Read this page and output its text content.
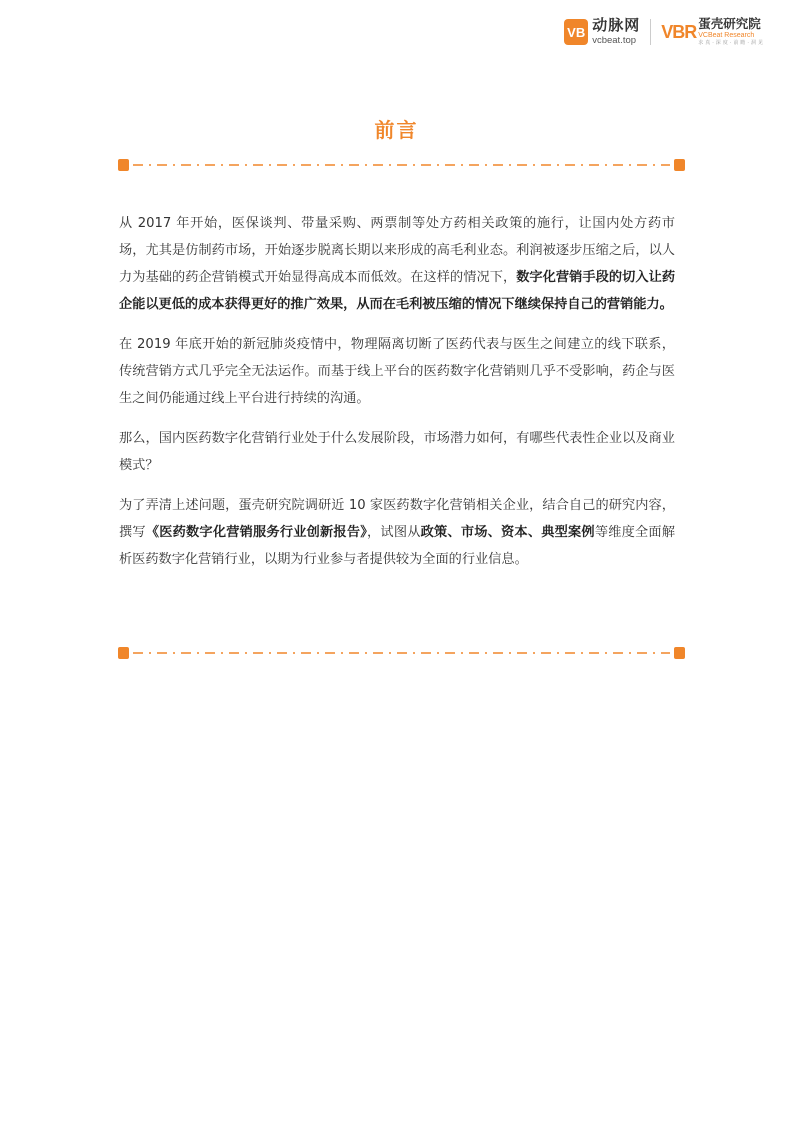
VB 动脉网
vcbeat.top VBR 蛋壳研究院
VCBeat Research
求真·深度·前瞻·洞见
前言

从 2017 年开始，医保谈判、带量采购、两票制等处方药相关政策的施行，让国内处方药市场，尤其是仿制药市场，开始逐步脱离长期以来形成的高毛利业态。利润被逐步压缩之后，以人力为基础的药企营销模式开始显得高成本而低效。在这样的情况下，数字化营销手段的切入让药企能以更低的成本获得更好的推广效果，从而在毛利被压缩的情况下继续保持自己的营销能力。

在 2019 年底开始的新冠肺炎疫情中，物理隔离切断了医药代表与医生之间建立的线下联系，传统营销方式几乎完全无法运作。而基于线上平台的医药数字化营销则几乎不受影响，药企与医生之间仍能通过线上平台进行持续的沟通。

那么，国内医药数字化营销行业处于什么发展阶段，市场潜力如何，有哪些代表性企业以及商业模式？

为了弄清上述问题，蛋壳研究院调研近 10 家医药数字化营销相关企业，结合自己的研究内容，撰写《医药数字化营销服务行业创新报告》，试图从政策、市场、资本、典型案例等维度全面解析医药数字化营销行业，以期为行业参与者提供较为全面的行业信息。
